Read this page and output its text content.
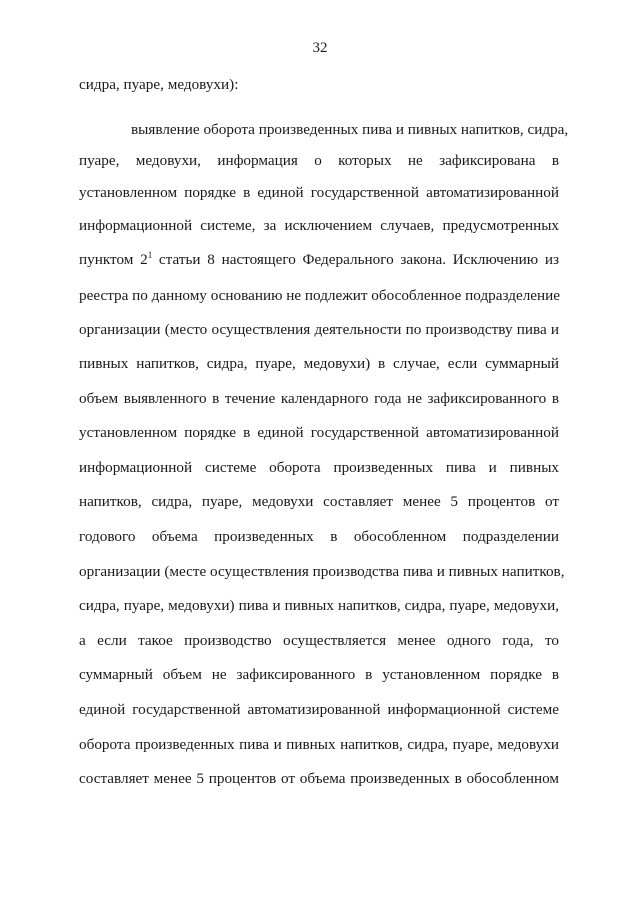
32
сидра, пуаре, медовухи):
выявление оборота произведенных пива и пивных напитков, сидра,
пуаре, медовухи, информация о которых не зафиксирована в
установленном порядке в единой государственной автоматизированной
информационной системе, за исключением случаев, предусмотренных
пунктом $2^1$ статьи 8 настоящего Федерального закона. Исключению из
реестра по данному основанию не подлежит обособленное подразделение
организации (место осуществления деятельности по производству пива и
пивных напитков, сидра, пуаре, медовухи) в случае, если суммарный
объем выявленного в течение календарного года не зафиксированного в
установленном порядке в единой государственной автоматизированной
информационной системе оборота произведенных пива и пивных
напитков, сидра, пуаре, медовухи составляет менее 5 процентов от
годового объема произведенных в обособленном подразделении
организации (месте осуществления производства пива и пивных напитков,
сидра, пуаре, медовухи) пива и пивных напитков, сидра, пуаре, медовухи,
а если такое производство осуществляется менее одного года, то
суммарный объем не зафиксированного в установленном порядке в
единой государственной автоматизированной информационной системе
оборота произведенных пива и пивных напитков, сидра, пуаре, медовухи
составляет менее 5 процентов от объема произведенных в обособленном
